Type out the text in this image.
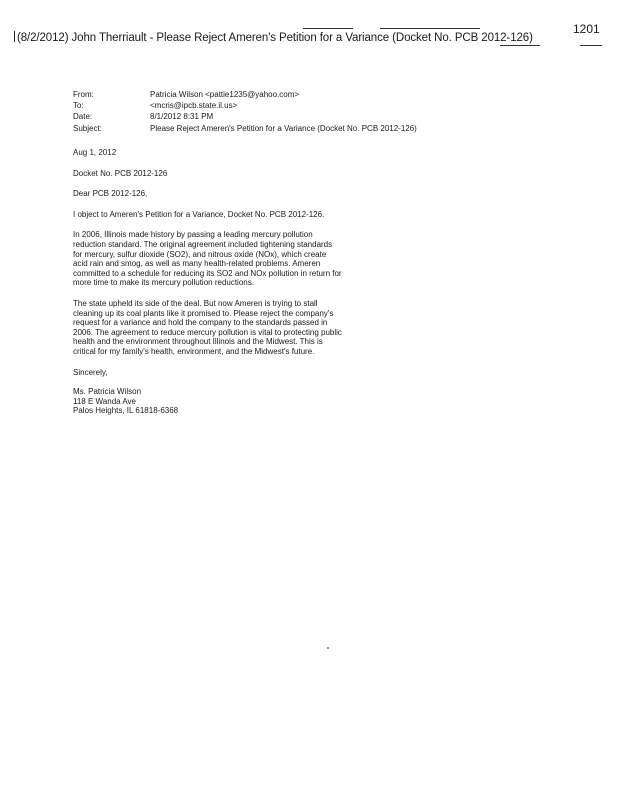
1201
(8/2/2012) John Therriault - Please Reject Ameren's Petition for a Variance (Docket No. PCB 2012-126)
From:	Patricia Wilson <pattie1235@yahoo.com>
To:	<mcris@ipcb.state.il.us>
Date:	8/1/2012 8:31 PM
Subject:	Please Reject Ameren's Petition for a Variance (Docket No. PCB 2012-126)

Aug 1, 2012

Docket No. PCB 2012-126

Dear PCB 2012-126,

I object to Ameren's Petition for a Variance, Docket No. PCB 2012-126.

In 2006, Illinois made history by passing a leading mercury pollution reduction standard. The original agreement included tightening standards for mercury, sulfur dioxide (SO2), and nitrous oxide (NOx), which create acid rain and smog, as well as many health-related problems. Ameren committed to a schedule for reducing its SO2 and NOx pollution in return for more time to make its mercury pollution reductions.

The state upheld its side of the deal. But now Ameren is trying to stall cleaning up its coal plants like it promised to. Please reject the company's request for a variance and hold the company to the standards passed in 2006. The agreement to reduce mercury pollution is vital to protecting public health and the environment throughout Illinois and the Midwest. This is critical for my family's health, environment, and the Midwest's future.

Sincerely,

Ms. Patricia Wilson

118 E Wanda Ave

Palos Heights, IL 61818-6368
